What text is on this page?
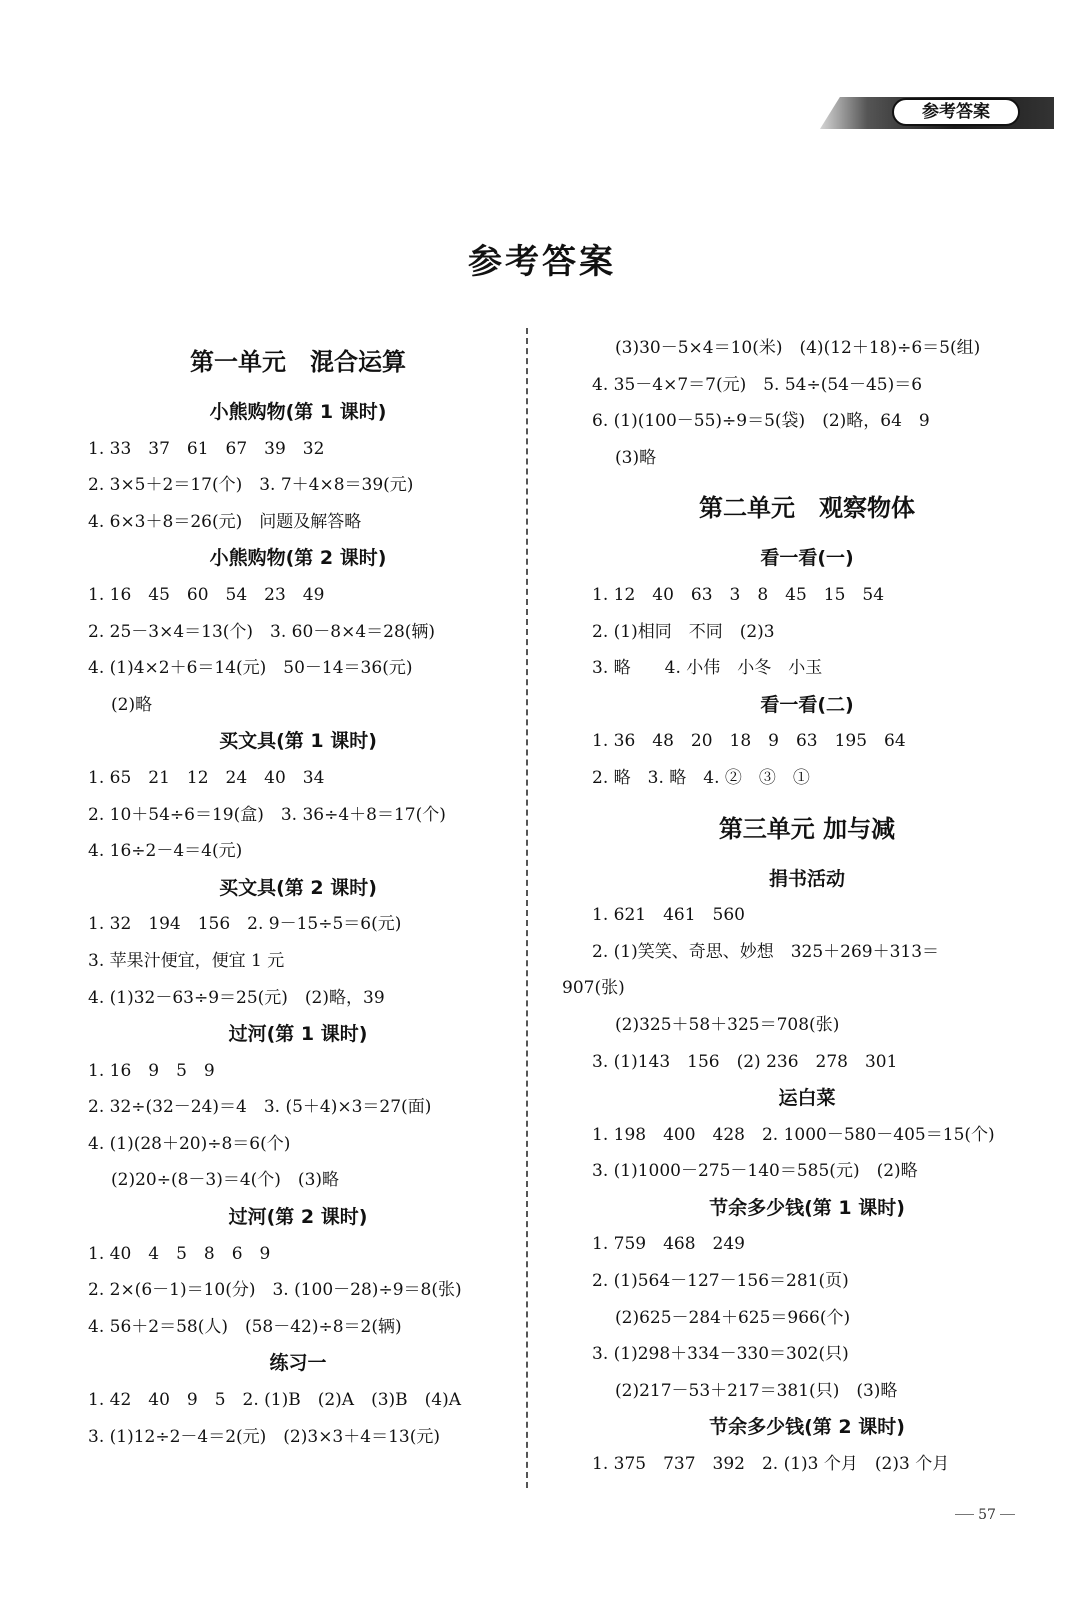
参考答案
参考答案
第一单元　混合运算
小熊购物(第 1 课时)
1. 33　37　61　67　39　32
2. 3×5＋2＝17(个)　3. 7＋4×8＝39(元)
4. 6×3＋8＝26(元)　问题及解答略
小熊购物(第 2 课时)
1. 16　45　60　54　23　49
2. 25－3×4＝13(个)　3. 60－8×4＝28(辆)
4. (1)4×2＋6＝14(元)　50－14＝36(元)
(2)略
买文具(第 1 课时)
1. 65　21　12　24　40　34
2. 10＋54÷6＝19(盒)　3. 36÷4＋8＝17(个)
4. 16÷2－4＝4(元)
买文具(第 2 课时)
1. 32　194　156　2. 9－15÷5＝6(元)
3. 苹果汁便宜，便宜 1 元
4. (1)32－63÷9＝25(元)　(2)略，39
过河(第 1 课时)
1. 16　9　5　9
2. 32÷(32－24)＝4　3. (5＋4)×3＝27(面)
4. (1)(28＋20)÷8＝6(个)
(2)20÷(8－3)＝4(个)　(3)略
过河(第 2 课时)
1. 40　4　5　8　6　9
2. 2×(6－1)＝10(分)　3. (100－28)÷9＝8(张)
4. 56＋2＝58(人)　(58－42)÷8＝2(辆)
练习一
1. 42　40　9　5　2. (1)B　(2)A　(3)B　(4)A
3. (1)12÷2－4＝2(元)　(2)3×3＋4＝13(元)
(3)30－5×4＝10(米)　(4)(12＋18)÷6＝5(组)
4. 35－4×7＝7(元)　5. 54÷(54－45)＝6
6. (1)(100－55)÷9＝5(袋)　(2)略，64　9
(3)略
第二单元　观察物体
看一看(一)
1. 12　40　63　3　8　45　15　54
2. (1)相同　不同　(2)3
3. 略　　4. 小伟　小冬　小玉
看一看(二)
1. 36　48　20　18　9　63　195　64
2. 略　3. 略　4. ②　③　①
第三单元 加与减
捐书活动
1. 621　461　560
2. (1)笑笑、奇思、妙想　325＋269＋313＝
907(张)
(2)325＋58＋325＝708(张)
3. (1)143　156　(2) 236　278　301
运白菜
1. 198　400　428　2. 1000－580－405＝15(个)
3. (1)1000－275－140＝585(元)　(2)略
节余多少钱(第 1 课时)
1. 759　468　249
2. (1)564－127－156＝281(页)
(2)625－284＋625＝966(个)
3. (1)298＋334－330＝302(只)
(2)217－53＋217＝381(只)　(3)略
节余多少钱(第 2 课时)
1. 375　737　392　2. (1)3 个月　(2)3 个月
57
